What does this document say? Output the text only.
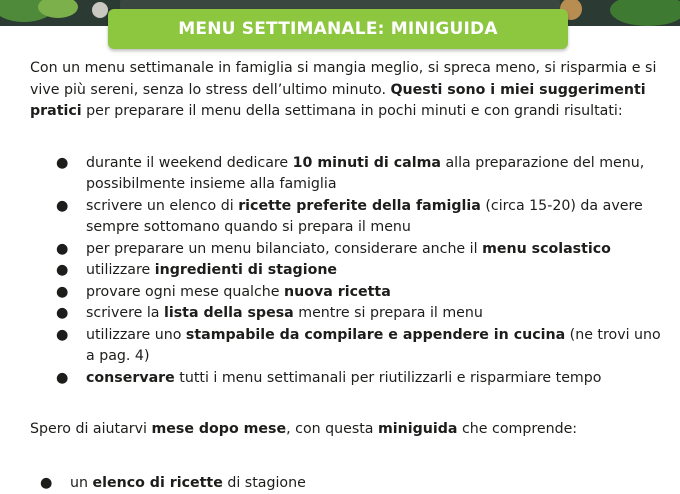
MENU SETTIMANALE: MINIGUIDA

Con un menu settimanale in famiglia si mangia meglio, si spreca meno, si risparmia e si vive più sereni, senza lo stress dell’ultimo minuto. Questi sono i miei suggerimenti pratici per preparare il menu della settimana in pochi minuti e con grandi risultati:

● durante il weekend dedicare 10 minuti di calma alla preparazione del menu, possibilmente insieme alla famiglia
● scrivere un elenco di ricette preferite della famiglia (circa 15-20) da avere sempre sottomano quando si prepara il menu
● per preparare un menu bilanciato, considerare anche il menu scolastico
● utilizzare ingredienti di stagione
● provare ogni mese qualche nuova ricetta
● scrivere la lista della spesa mentre si prepara il menu
● utilizzare uno stampabile da compilare e appendere in cucina (ne trovi uno a pag. 4)
● conservare tutti i menu settimanali per riutilizzarli e risparmiare tempo

Spero di aiutarvi mese dopo mese, con questa miniguida che comprende:

● un elenco di ricette di stagione
